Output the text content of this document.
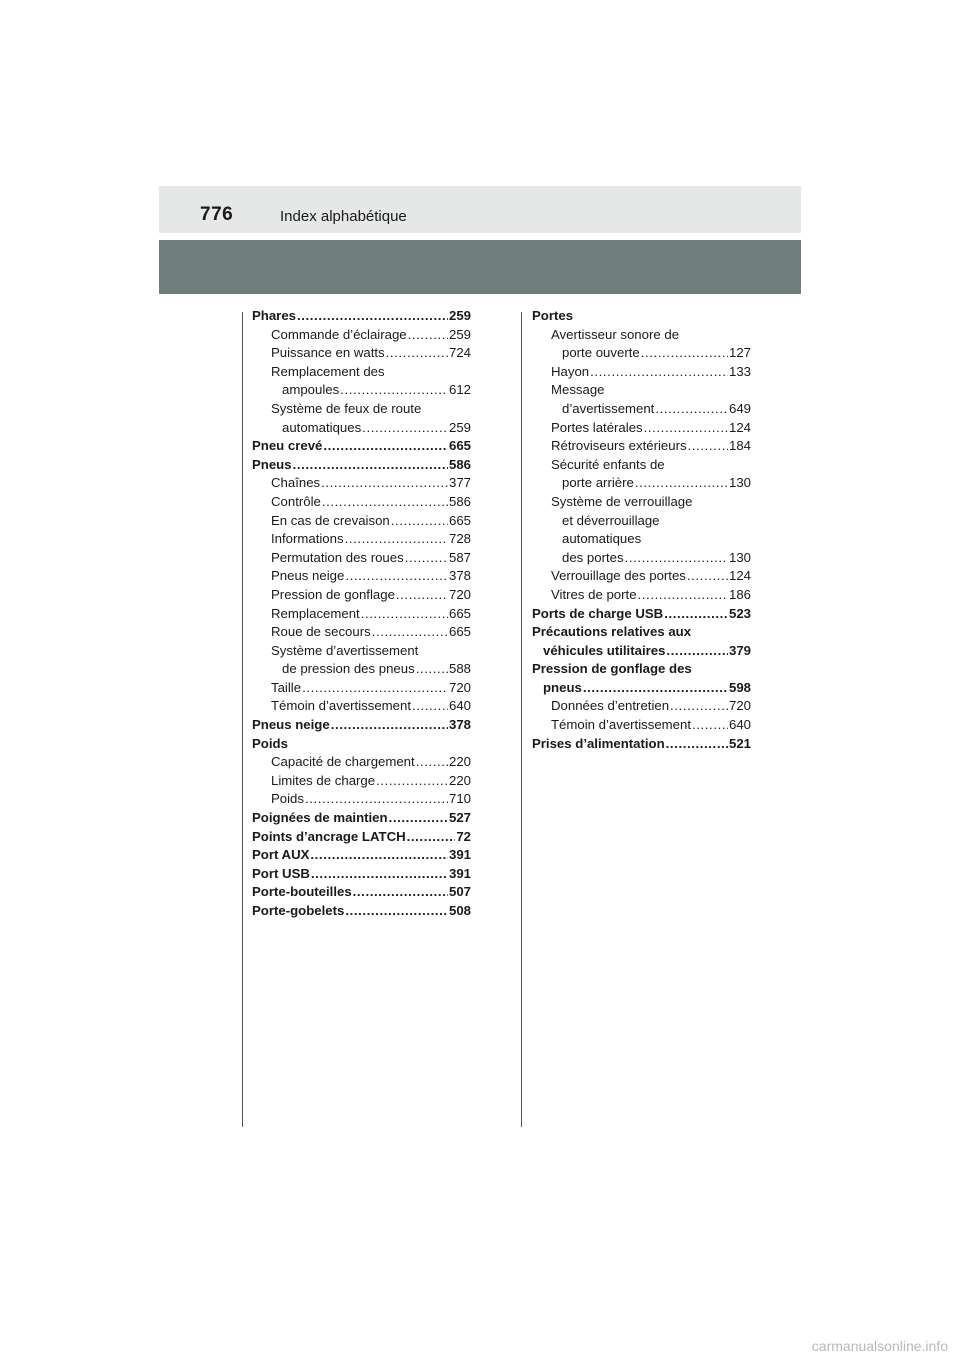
776	Index alphabétique
Phares .....	259
Commande d’éclairage .....	259
Puissance en watts .....	724
Remplacement des
ampoules .....	612
Système de feux de route
automatiques .....	259
Pneu crevé .....	665
Pneus .....	586
Chaînes .....	377
Contrôle .....	586
En cas de crevaison .....	665
Informations .....	728
Permutation des roues .....	587
Pneus neige .....	378
Pression de gonflage .....	720
Remplacement .....	665
Roue de secours .....	665
Système d’avertissement
de pression des pneus .....	588
Taille .....	720
Témoin d’avertissement .....	640
Pneus neige .....	378
Poids
Capacité de chargement .....	220
Limites de charge .....	220
Poids .....	710
Poignées de maintien .....	527
Points d’ancrage LATCH .....	72
Port AUX .....	391
Port USB .....	391
Porte-bouteilles .....	507
Porte-gobelets .....	508
Portes
Avertisseur sonore de
porte ouverte .....	127
Hayon .....	133
Message
d’avertissement .....	649
Portes latérales .....	124
Rétroviseurs extérieurs .....	184
Sécurité enfants de
porte arrière .....	130
Système de verrouillage
et déverrouillage
automatiques
des portes .....	130
Verrouillage des portes .....	124
Vitres de porte .....	186
Ports de charge USB .....	523
Précautions relatives aux
véhicules utilitaires .....	379
Pression de gonflage des
pneus .....	598
Données d’entretien .....	720
Témoin d’avertissement .....	640
Prises d’alimentation .....	521
carmanualsonline.info
